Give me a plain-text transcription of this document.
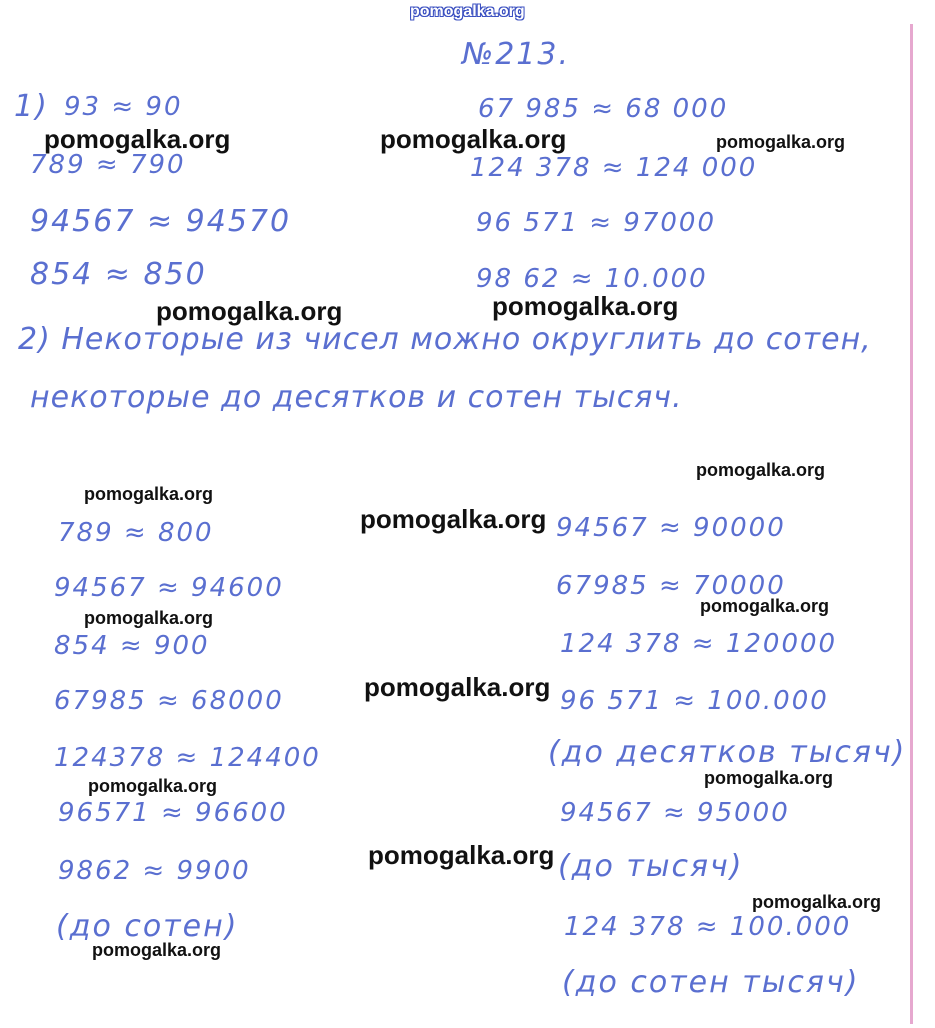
№213.
1) 93 ≈ 90
789 ≈ 790
94567 ≈ 94570
854 ≈ 850
67 985 ≈ 68 000
124 378 ≈ 124 000
96 571 ≈ 97000
98 62 ≈ 10.000
2) Некоторые из чисел можно округлить до сотен,
некоторые до десятков и сотен тысяч.
789 ≈ 800
94567 ≈ 94600
854 ≈ 900
67985 ≈ 68000
124378 ≈ 124400
96571 ≈ 96600
9862 ≈ 9900
(до сотен)
94567 ≈ 90000
67985 ≈ 70000
124 378 ≈ 120000
96 571 ≈ 100.000
(до десятков тысяч)
94567 ≈ 95000
(до тысяч)
124 378 ≈ 100.000
(до сотен тысяч)
pomogalka.org
pomogalka.org	pomogalka.org	pomogalka.org
pomogalka.org	pomogalka.org
pomogalka.org
pomogalka.org
pomogalka.org
pomogalka.org
pomogalka.org
pomogalka.org
pomogalka.org
pomogalka.org
pomogalka.org
pomogalka.org
pomogalka.org
